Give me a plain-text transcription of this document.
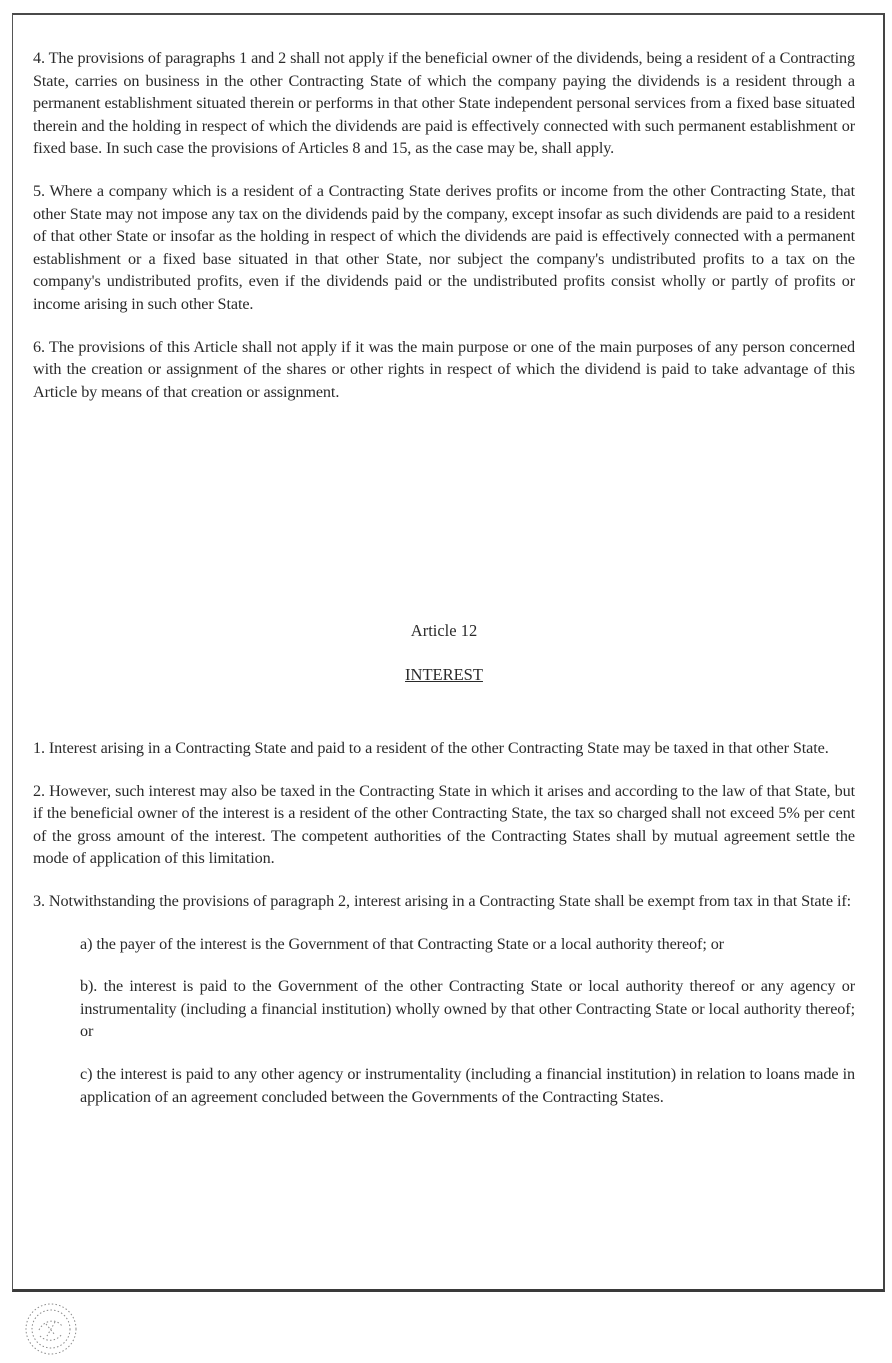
4. The provisions of paragraphs 1 and 2 shall not apply if the beneficial owner of the dividends, being a resident of a Contracting State, carries on business in the other Contracting State of which the company paying the dividends is a resident through a permanent establishment situated therein or performs in that other State independent personal services from a fixed base situated therein and the holding in respect of which the dividends are paid is effectively connected with such permanent establishment or fixed base. In such case the provisions of Articles 8 and 15, as the case may be, shall apply.

5. Where a company which is a resident of a Contracting State derives profits or income from the other Contracting State, that other State may not impose any tax on the dividends paid by the company, except insofar as such dividends are paid to a resident of that other State or insofar as the holding in respect of which the dividends are paid is effectively connected with a permanent establishment or a fixed base situated in that other State, nor subject the company's undistributed profits to a tax on the company's undistributed profits, even if the dividends paid or the undistributed profits consist wholly or partly of profits or income arising in such other State.

6. The provisions of this Article shall not apply if it was the main purpose or one of the main purposes of any person concerned with the creation or assignment of the shares or other rights in respect of which the dividend is paid to take advantage of this Article by means of that creation or assignment.

Article 12
INTEREST

1. Interest arising in a Contracting State and paid to a resident of the other Contracting State may be taxed in that other State.

2. However, such interest may also be taxed in the Contracting State in which it arises and according to the law of that State, but if the beneficial owner of the interest is a resident of the other Contracting State, the tax so charged shall not exceed 5% per cent of the gross amount of the interest. The competent authorities of the Contracting States shall by mutual agreement settle the mode of application of this limitation.

3. Notwithstanding the provisions of paragraph 2, interest arising in a Contracting State shall be exempt from tax in that State if:

a) the payer of the interest is the Government of that Contracting State or a local authority thereof; or

b). the interest is paid to the Government of the other Contracting State or local authority thereof or any agency or instrumentality (including a financial institution) wholly owned by that other Contracting State or local authority thereof; or

c) the interest is paid to any other agency or instrumentality (including a financial institution) in relation to loans made in application of an agreement concluded between the Governments of the Contracting States.
